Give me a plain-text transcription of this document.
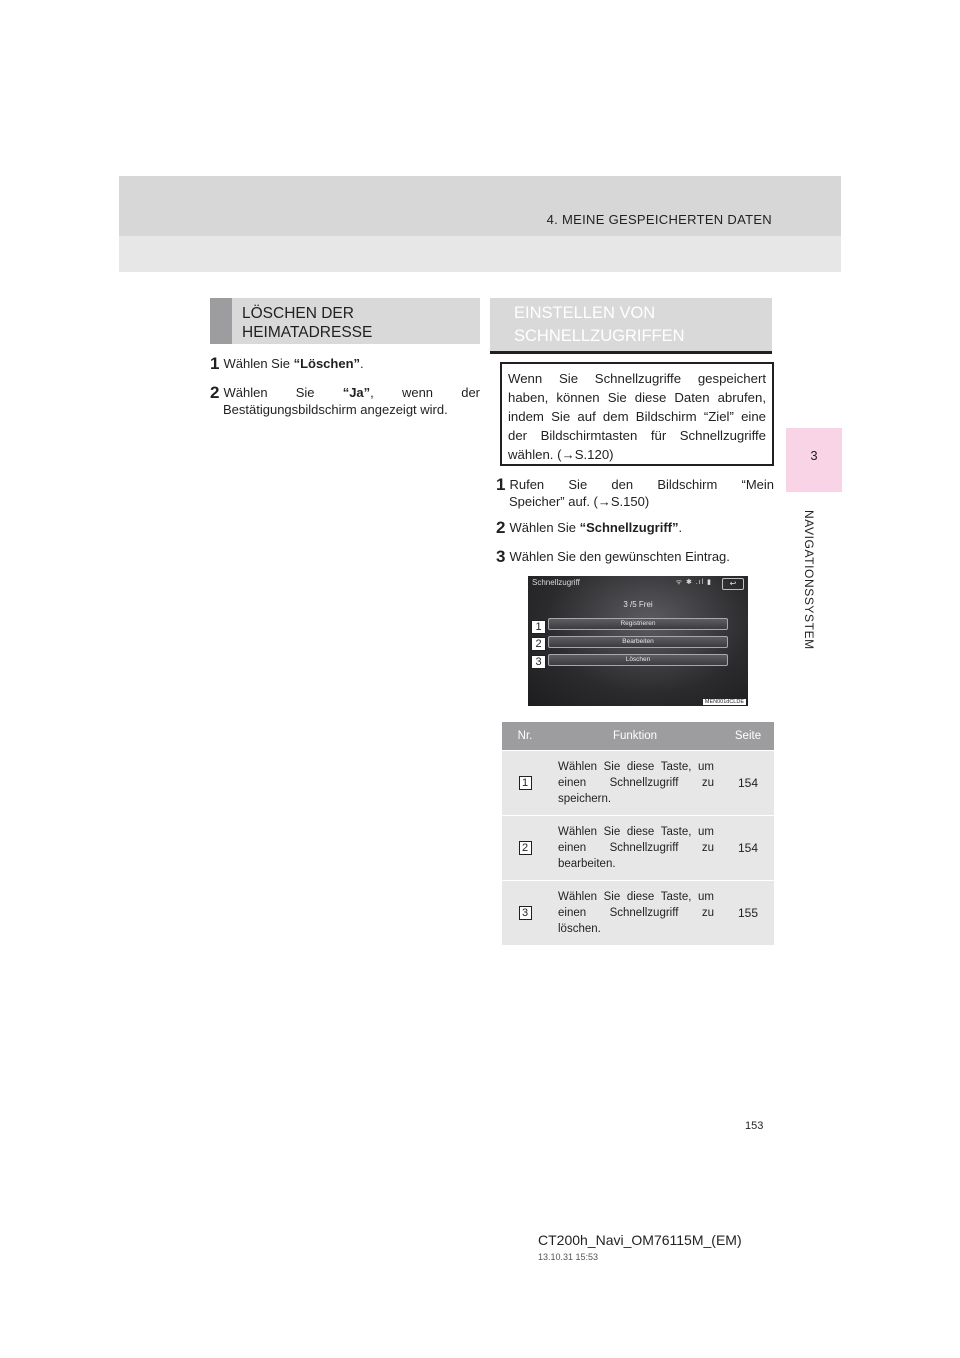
4. MEINE GESPEICHERTEN DATEN
3
NAVIGATIONSSYSTEM
LÖSCHEN DER HEIMATADRESSE
1 Wählen Sie “Löschen”.
2 Wählen Sie “Ja”, wenn der
Bestätigungsbildschirm angezeigt wird.
EINSTELLEN VON SCHNELLZUGRIFFEN
Wenn Sie Schnellzugriffe gespeichert haben, können Sie diese Daten abrufen, indem Sie auf dem Bildschirm “Ziel” eine der Bildschirmtasten für Schnellzugriffe wählen. (→S.120)
1 Rufen Sie den Bildschirm “Mein
Speicher” auf. (→S.150)
2 Wählen Sie “Schnellzugriff”.
3 Wählen Sie den gewünschten Eintrag.
Schnellzugriff	ᯤ ✱ .ıl ▮	↩
3 /5 Frei
Registrieren
Bearbeiten
Löschen
MEN001dCLDE
1
2
3
Nr.	Funktion	Seite
1	Wählen Sie diese Taste, um einen Schnellzugriff zu speichern.	154
2	Wählen Sie diese Taste, um einen Schnellzugriff zu bearbeiten.	154
3	Wählen Sie diese Taste, um einen Schnellzugriff zu löschen.	155
153
CT200h_Navi_OM76115M_(EM)
13.10.31 15:53
